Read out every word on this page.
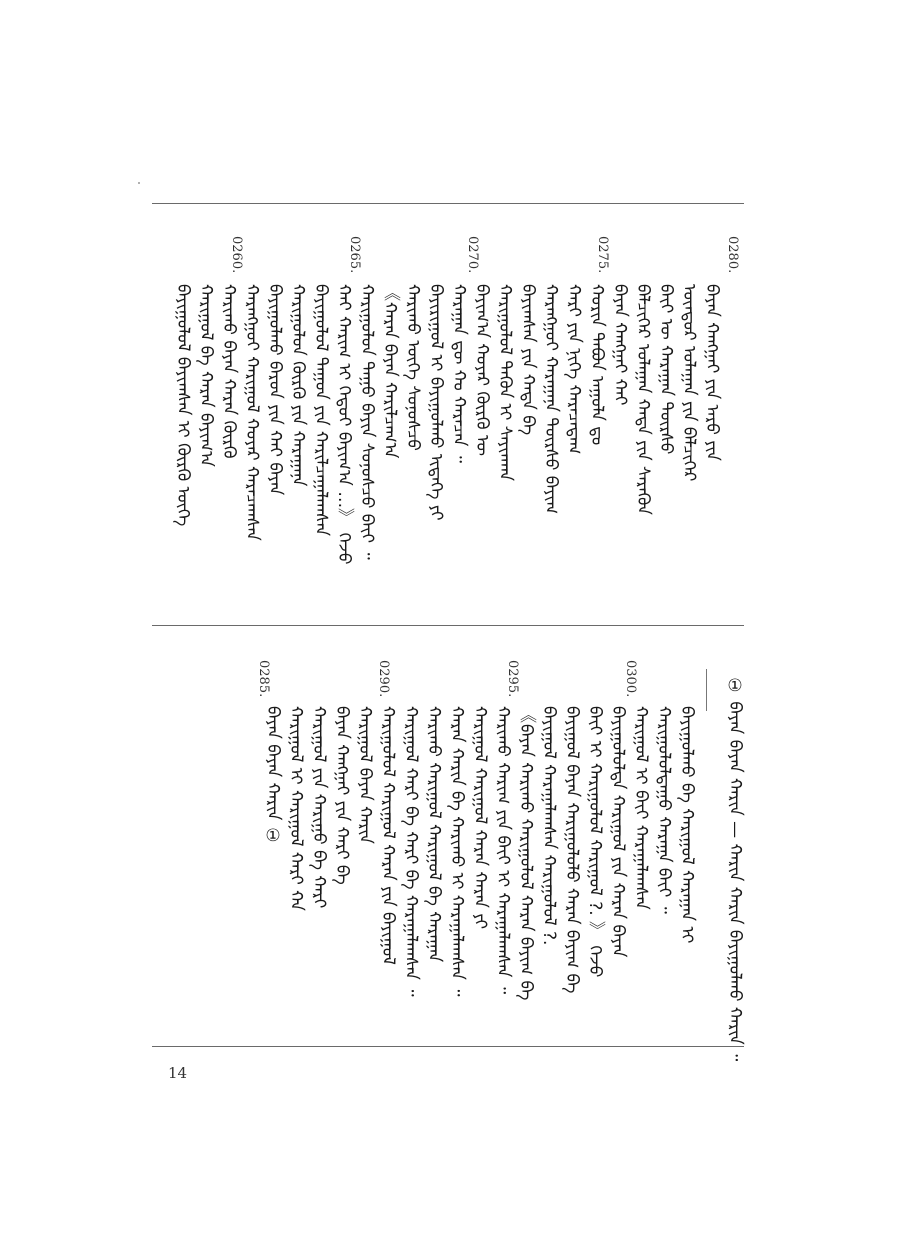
0280.
0275.
0270.
0265.
0260.
ᠪᠠᠶᠠᠨ ᠬᠠᠩᠭᠠᠢ ᠶᠢᠨ ᠠᠷᠤ ᠶᠢᠨ
ᠥᠨᠳᠦᠷ ᠤᠯᠠᠭᠠᠨ ᠶᠢᠨ ᠪᠡᠯᠴᠢᠭᠡᠷ
ᠪᠠᠶ᠋ᠢ ᠦ ᠬᠠᠷᠠᠭᠠᠨ ᠳᠦᠷᠰᠦ
ᠪᠡᠯᠴᠢᠭᠡᠷ ᠤᠯᠠᠭᠠᠨ ᠬᠠᠳᠠ ᠶᠢᠨ ᠰᠡᠷᠡᠭᠦᠨ
ᠪᠠᠶᠠᠨ ᠬᠠᠩᠭᠠᠢ ᠬᠠᠢ
ᠬᠣᠷᠢᠨ ᠲᠠᠪᠤᠨ ᠠᠭᠤᠯᠠ ᠳᠤ
ᠬᠠᠷᠢ ᠶᠢᠨ ᠨᠢᠭᠡ ᠬᠠᠷᠠᠴᠠᠳᠠᠭ
ᠬᠠᠷᠠᠩᠭᠤᠢ ᠬᠠᠷᠠᠭᠠᠨᠠ ᠳᠦᠷᠰᠦ ᠪᠠᠶᠢᠭ
ᠪᠠᠶᠢᠭᠰᠠᠨ ᠶᠢᠨ ᠬᠠᠳᠠ ᠪᠠ
ᠬᠠᠷᠢᠭᠤᠯᠤᠯ ᠲᠡᠭᠦᠨ ᠢ ᠰᠠᠶᠢᠨᠬᠠᠨ
ᠪᠠᠶᠢᠭ᠎ᠠ ᠬᠣᠶᠠᠷ ᠬᠦᠷᠬᠦ ᠦ
ᠬᠠᠷᠠᠭᠠᠨ ᠳᠦ ᠬᠤ ᠬᠠᠷᠠᠴᠠᠨ ᠃
ᠪᠠᠶᠢᠷᠢᠭᠤᠯ ᠢ ᠪᠠᠶᠢᠭᠤᠯᠬᠤ ᠢᠳᠡᠭᠡ ᠶᠢ
ᠬᠠᠷᠢᠬᠤ ᠦᠭᠡ ᠰᠣᠨᠣᠰᠴᠤ
《ᠬᠠᠷᠠᠨ ᠪᠠᠶᠠᠨ ᠬᠠᠷᠢᠯᠴᠠᠭ᠎ᠠ
ᠬᠠᠷᠢᠭᠤᠯᠤᠨ ᠳᠠᠭᠤ ᠪᠠᠶᠢᠨ ᠰᠣᠨᠣᠰᠴᠤ ᠪᠠᠶ᠋ᠢ ᠃
ᠬᠠᠢ ᠬᠠᠷᠢᠭ ᠢ ᠬᠡᠳᠦᠢ ᠪᠠᠶᠢᠭ᠎ᠠ …》 ᠭᠡᠵᠦ
ᠪᠠᠶᠢᠭᠤᠯᠤᠯ ᠳᠠᠭᠤᠨ ᠶᠢᠨ ᠬᠠᠷᠢᠯᠴᠠᠭᠠᠯᠠᠭᠰᠠᠨ
ᠬᠠᠷᠢᠭᠤᠯᠤᠨ ᠬᠦᠷᠬᠦ ᠶᠢᠨ ᠬᠠᠷᠠᠭᠠᠨᠠ
ᠪᠠᠶᠢᠭᠤᠯᠬᠤ ᠪᠠᠷᠤᠨ ᠶᠢᠨ ᠬᠠᠢ ᠪᠠᠶᠠᠨ
ᠬᠠᠷᠠᠩᠭᠤᠢ ᠬᠠᠷᠢᠭᠤᠯ ᠬᠣᠶᠠᠷ ᠬᠠᠷᠠᠴᠠᠭᠰᠠᠨ
ᠬᠠᠷᠢᠬᠤ ᠪᠠᠶᠠᠨ ᠬᠠᠷᠠᠨ ᠬᠦᠷᠬᠦ
ᠬᠠᠷᠢᠭᠤᠯ ᠪᠠ ᠬᠠᠷᠠᠨ ᠪᠠᠶᠢᠭ᠎ᠠ
ᠪᠠᠶᠢᠭᠤᠯᠤᠯ ᠪᠠᠶᠢᠭᠰᠠᠨ ᠢ ᠬᠦᠷᠬᠦ ᠦᠭᠡ
① ᠪᠠᠶᠠᠨ ᠪᠠᠶᠠᠨ ᠬᠠᠷᠢᠨ — ᠬᠠᠷᠢᠨ ᠬᠠᠷᠢᠨ ᠪᠠᠶᠢᠭᠤᠯᠬᠤ ᠬᠠᠷᠢᠨ ᠃
0300.
0295.
0290.
0285.
ᠪᠠᠶᠢᠭᠤᠯᠬᠤ ᠪᠠ ᠬᠠᠷᠢᠭᠤᠯ ᠬᠠᠷᠠᠭᠠᠨ ᠢ
ᠬᠠᠷᠢᠭᠤᠯᠤᠯᠳᠠᠭᠤ ᠬᠠᠷᠠᠭᠠ ᠪᠠᠶ᠋ᠢ ᠃
ᠬᠠᠷᠢᠭᠤᠯ ᠢ ᠪᠠᠶ᠋ᠢ ᠬᠠᠷᠠᠭᠠᠯᠠᠭᠰᠠᠨ
ᠪᠠᠶᠢᠭᠤᠯᠤᠯᠳᠠ ᠬᠠᠷᠢᠭᠤᠯ ᠶᠢᠨ ᠬᠠᠷᠠᠨ ᠪᠠᠶᠠᠨ
ᠪᠠᠶ᠋ᠢ ᠢ ᠬᠠᠷᠢᠭᠤᠯᠤᠯ ᠬᠠᠷᠢᠭᠤᠯ ?. 》 ᠭᠡᠵᠦ
ᠪᠠᠶᠢᠭᠤᠯ ᠪᠠᠶᠠᠨ ᠬᠠᠷᠢᠭᠤᠯᠤᠯᠤ ᠬᠠᠷᠠᠨ ᠪᠠᠶᠢᠭ ᠪᠠ
ᠪᠠᠶᠢᠭᠤᠯ ᠬᠠᠷᠠᠭᠠᠯᠠᠭᠰᠠᠨ ᠬᠠᠷᠢᠭᠤᠯᠤᠯ ?.
《ᠪᠠᠶᠠᠨ ᠬᠠᠷᠢᠬᠤ ᠬᠠᠷᠢᠭᠤᠯᠤᠯ ᠬᠠᠷᠠᠨ ᠪᠠᠶᠢᠭ ᠪᠠ
ᠬᠠᠷᠢᠬᠤ ᠬᠠᠷᠢᠭ ᠶᠢᠨ ᠪᠠᠶ᠋ᠢ ᠢ ᠬᠠᠷᠠᠭᠠᠯᠠᠭᠰᠠᠨ ᠃
ᠬᠠᠷᠢᠭᠤᠯ ᠬᠠᠷᠢᠭᠤᠯ ᠬᠠᠷᠠᠨ ᠬᠠᠷᠠᠨ ᠶᠢ
ᠬᠠᠷᠠᠨ ᠬᠠᠷᠢᠨ ᠪᠠ ᠬᠠᠷᠢᠬᠤ ᠢ ᠬᠠᠷᠠᠭᠠᠯᠠᠭᠰᠠᠨ ᠃
ᠬᠠᠷᠢᠬᠤ ᠬᠠᠷᠢᠭᠤᠯ ᠬᠠᠷᠢᠭᠤᠯ ᠪᠠ ᠬᠠᠷᠠᠭᠠᠨ
ᠬᠠᠷᠢᠭᠤᠯ ᠬᠠᠷᠢ ᠪᠠ ᠬᠠᠷᠢ ᠪᠠ ᠬᠠᠷᠠᠭᠠᠯᠠᠭᠰᠠᠨ ᠃
ᠬᠠᠷᠢᠭᠤᠯᠤᠯ ᠬᠠᠷᠢᠭᠤᠯ ᠬᠠᠷᠠᠨ ᠶᠢᠨ ᠪᠠᠶᠢᠭᠤᠯ
ᠬᠠᠷᠢᠭᠤᠯ ᠪᠠᠶᠠᠨ ᠬᠠᠷᠢᠨ
ᠪᠠᠶᠠᠨ ᠬᠠᠩᠭᠠᠢ ᠶᠢᠨ ᠬᠠᠷᠢ ᠪᠠ
ᠬᠠᠷᠢᠭᠤᠯ ᠶᠢᠨ ᠬᠠᠷᠢᠭᠤ ᠪᠠ ᠬᠠᠷᠢ
ᠬᠠᠷᠢᠭᠤᠯ ᠢ ᠬᠠᠷᠢᠭᠤᠯ ᠬᠠᠷᠢ ᠬᠠ
ᠪᠠᠶᠠᠨ ᠪᠠᠶᠠᠨ ᠬᠠᠷᠢᠨ ①
14
